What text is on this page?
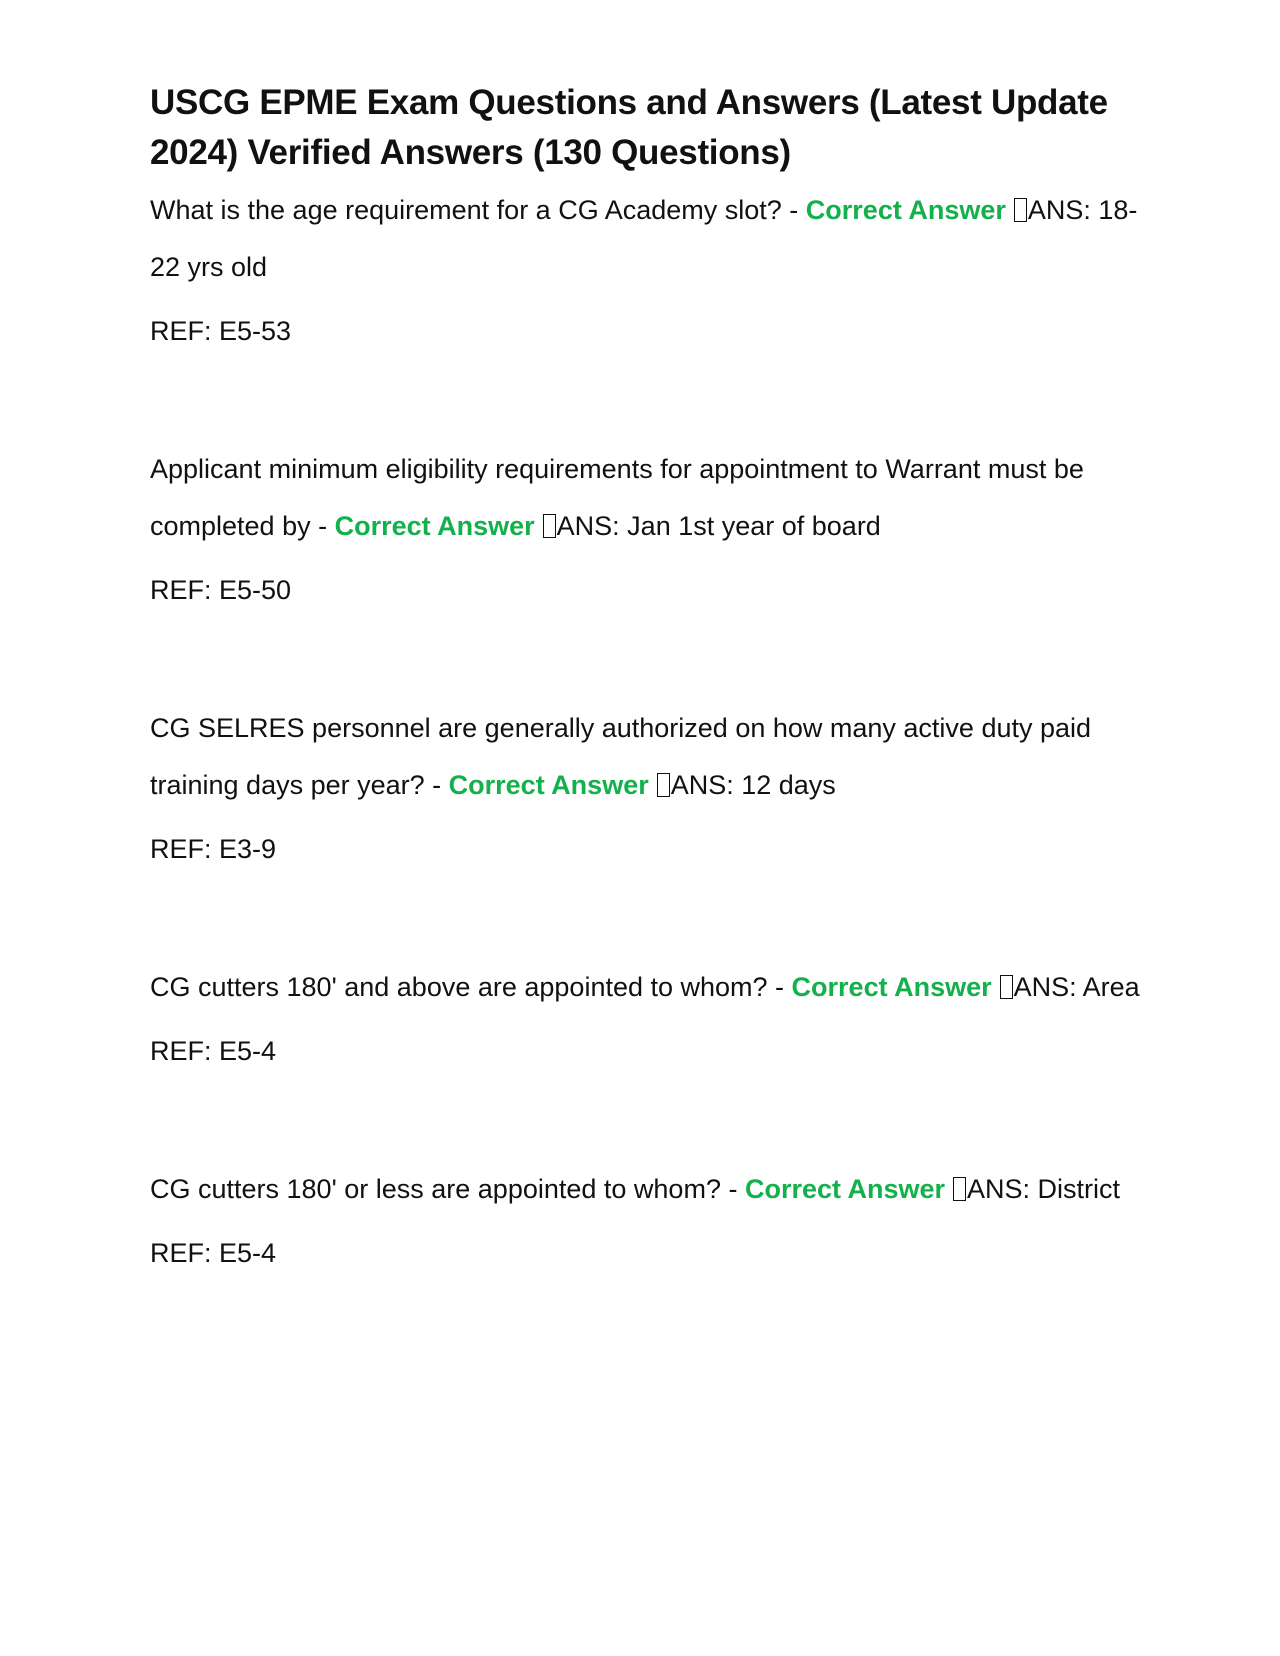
USCG EPME Exam Questions and Answers (Latest Update 2024) Verified Answers (130 Questions)

What is the age requirement for a CG Academy slot? - Correct Answer ANS: 18-22 yrs old

REF: E5-53

Applicant minimum eligibility requirements for appointment to Warrant must be completed by - Correct Answer ANS: Jan 1st year of board

REF: E5-50

CG SELRES personnel are generally authorized on how many active duty paid training days per year? - Correct Answer ANS: 12 days

REF: E3-9

CG cutters 180' and above are appointed to whom? - Correct Answer ANS: Area

REF: E5-4

CG cutters 180' or less are appointed to whom? - Correct Answer ANS: District

REF: E5-4
